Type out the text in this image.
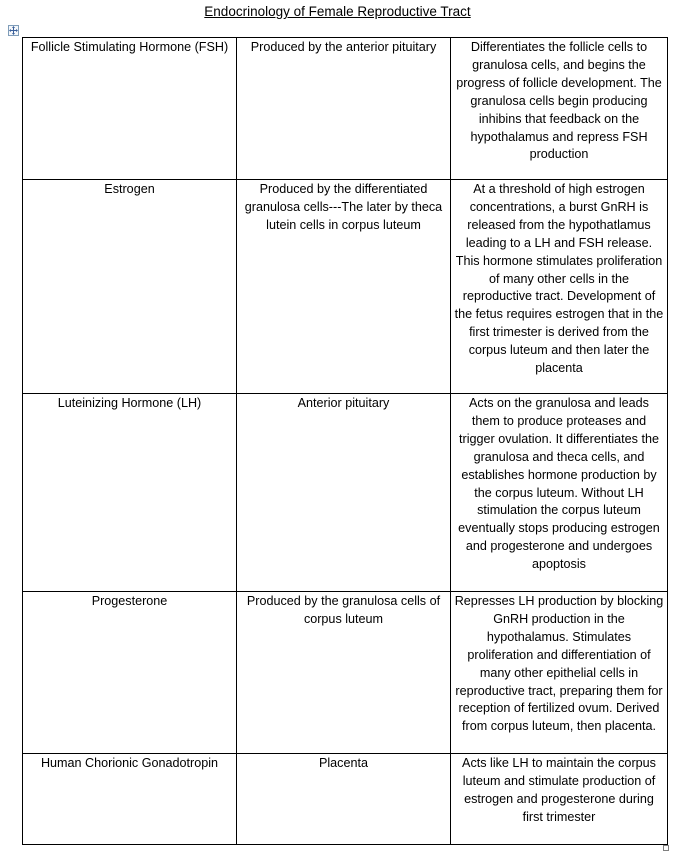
Endocrinology of Female Reproductive Tract
Follicle Stimulating Hormone (FSH)	Produced by the anterior pituitary	Differentiates the follicle cells to granulosa cells, and begins the progress of follicle development. The granulosa cells begin producing inhibins that feedback on the hypothalamus and repress FSH production
Estrogen	Produced by the differentiated granulosa cells---The later by theca lutein cells in corpus luteum	At a threshold of high estrogen concentrations, a burst GnRH is released from the hypothatlamus leading to a LH and FSH release. This hormone stimulates proliferation of many other cells in the reproductive tract. Development of the fetus requires estrogen that in the first trimester is derived from the corpus luteum and then later the placenta
Luteinizing Hormone (LH)	Anterior pituitary	Acts on the granulosa and leads them to produce proteases and trigger ovulation. It differentiates the granulosa and theca cells, and establishes hormone production by the corpus luteum. Without LH stimulation the corpus luteum eventually stops producing estrogen and progesterone and undergoes apoptosis
Progesterone	Produced by the granulosa cells of corpus luteum	Represses LH production by blocking GnRH production in the hypothalamus. Stimulates proliferation and differentiation of many other epithelial cells in reproductive tract, preparing them for reception of fertilized ovum. Derived from corpus luteum, then placenta.
Human Chorionic Gonadotropin	Placenta	Acts like LH to maintain the corpus luteum and stimulate production of estrogen and progesterone during first trimester
